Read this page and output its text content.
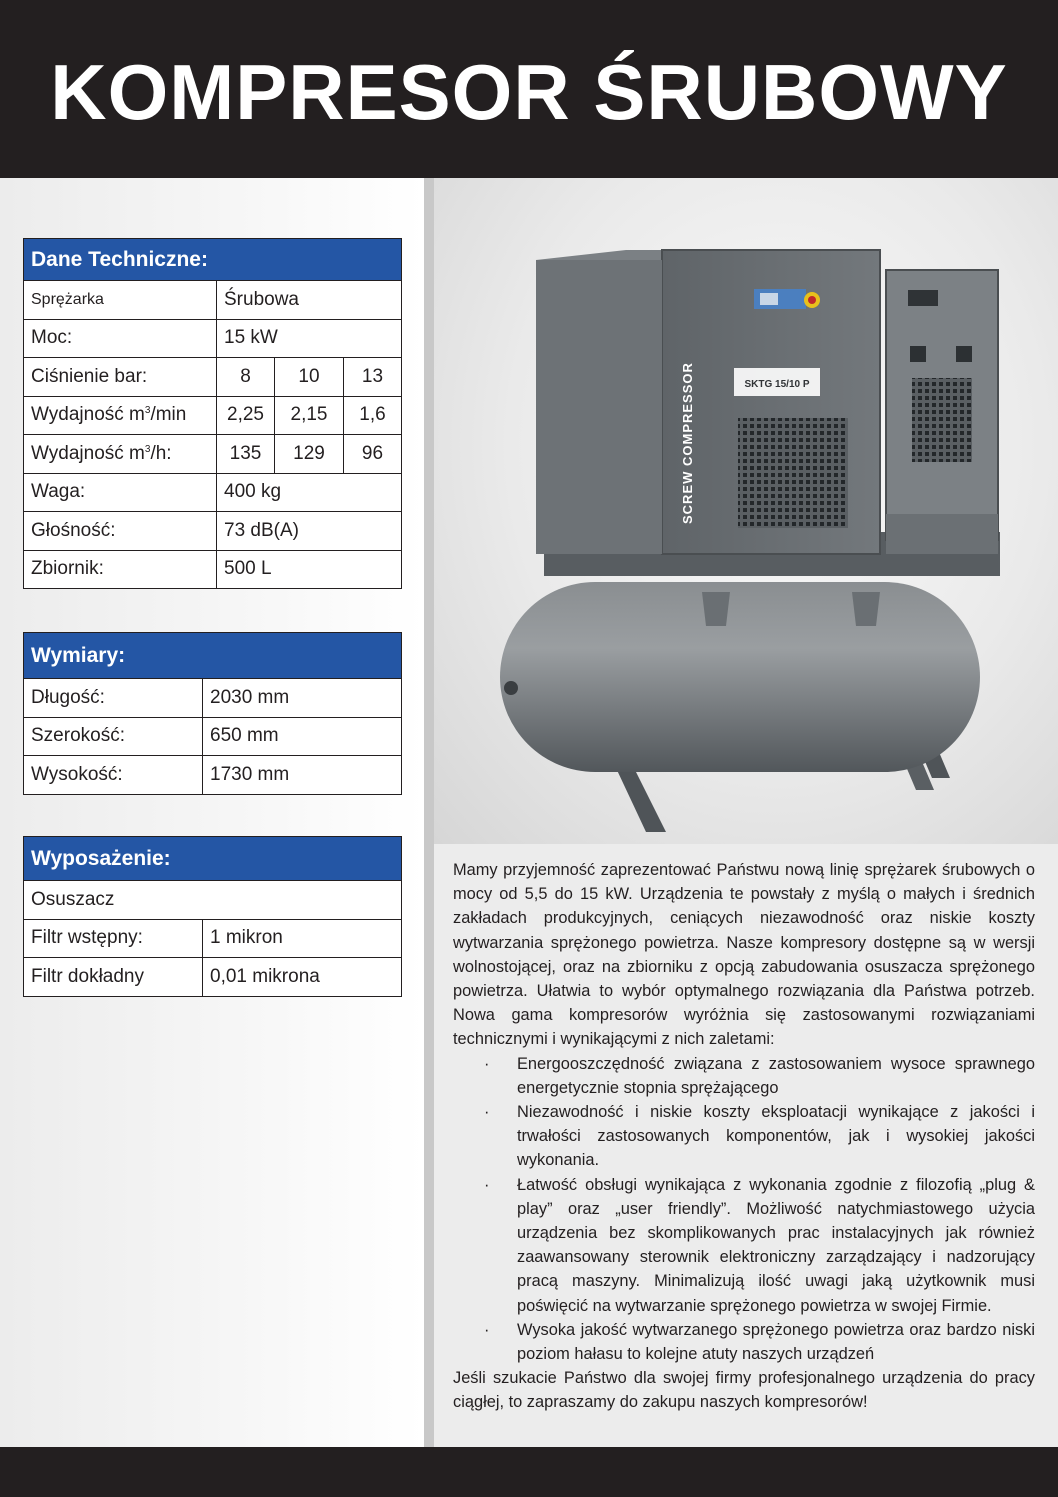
KOMPRESOR ŚRUBOWY
Dane Techniczne:			
Sprężarka	Śrubowa		
Moc:	15 kW		
Ciśnienie bar:	8	10	13
Wydajność $m^3/\min$	2,25	2,15	1,6
Wydajność $m^3/h$:	135	129	96
Waga:	400 kg		
Głośność:	73 dB(A)		
Zbiornik:	500 L		
Wymiary:	
Długość:	2030 mm
Szerokość:	650 mm
Wysokość:	1730 mm
Wyposażenie:	
Osuszacz	
Filtr wstępny:	1 mikron
Filtr dokładny	0,01 mikrona
SKTG 15/10 P
SCREW COMPRESSOR

Mamy przyjemność zaprezentować Państwu nową linię sprężarek śrubowych o mocy od 5,5 do 15 kW. Urządzenia te powstały z myślą o małych i średnich zakładach produkcyjnych, ceniących niezawodność oraz niskie koszty wytwarzania sprężonego powietrza. Nasze kompresory dostępne są w wersji wolnostojącej, oraz na zbiorniku z opcją zabudowania osuszacza sprężonego powietrza. Ułatwia to wybór optymalnego rozwiązania dla Państwa potrzeb. Nowa gama kompresorów wyróżnia się zastosowanymi rozwiązaniami technicznymi i wynikającymi z nich zaletami:

· Energooszczędność związana z zastosowaniem wysoce sprawnego energetycznie stopnia sprężającego
· Niezawodność i niskie koszty eksploatacji wynikające z jakości i trwałości zastosowanych komponentów, jak i wysokiej jakości wykonania.
· Łatwość obsługi wynikająca z wykonania zgodnie z filozofią „plug & play” oraz „user friendly”. Możliwość natychmiastowego użycia urządzenia bez skomplikowanych prac instalacyjnych jak również zaawansowany sterownik elektroniczny zarządzający i nadzorujący pracą maszyny. Minimalizują ilość uwagi jaką użytkownik musi poświęcić na wytwarzanie sprężonego powietrza w swojej Firmie.
· Wysoka jakość wytwarzanego sprężonego powietrza oraz bardzo niski poziom hałasu to kolejne atuty naszych urządzeń

Jeśli szukacie Państwo dla swojej firmy profesjonalnego urządzenia do pracy ciągłej, to zapraszamy do zakupu naszych kompresorów!
